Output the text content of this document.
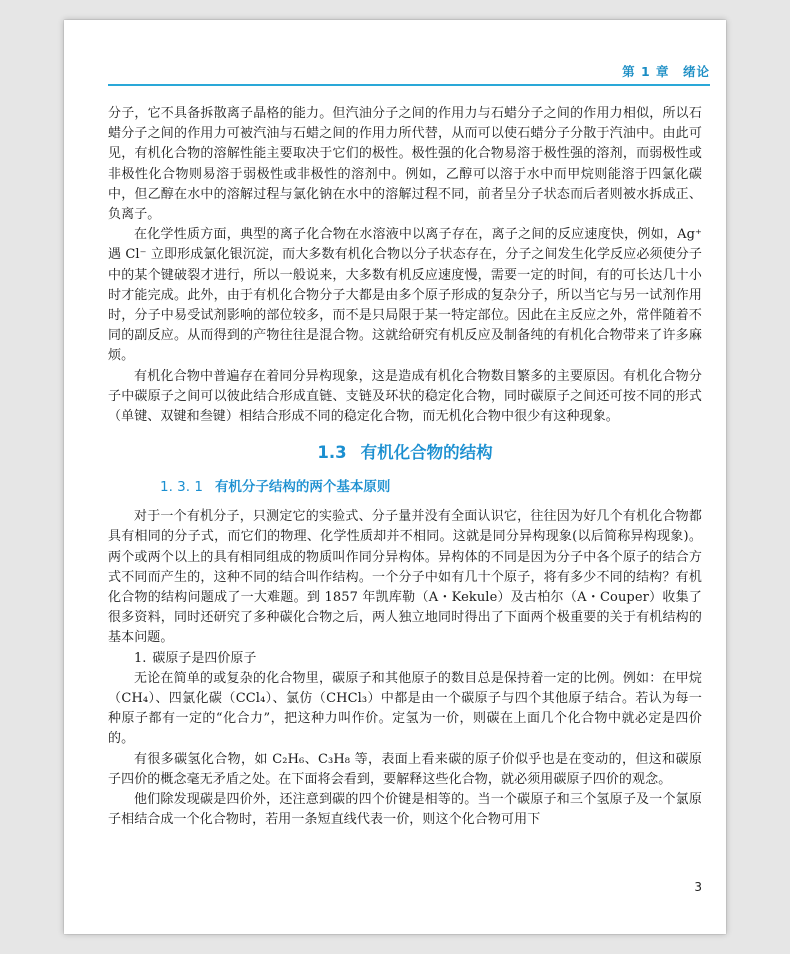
第 1 章　绪论

分子，它不具备拆散离子晶格的能力。但汽油分子之间的作用力与石蜡分子之间的作用力相似，所以石蜡分子之间的作用力可被汽油与石蜡之间的作用力所代替，从而可以使石蜡分子分散于汽油中。由此可见，有机化合物的溶解性能主要取决于它们的极性。极性强的化合物易溶于极性强的溶剂，而弱极性或非极性化合物则易溶于弱极性或非极性的溶剂中。例如，乙醇可以溶于水中而甲烷则能溶于四氯化碳中，但乙醇在水中的溶解过程与氯化钠在水中的溶解过程不同，前者呈分子状态而后者则被水拆成正、负离子。

在化学性质方面，典型的离子化合物在水溶液中以离子存在，离子之间的反应速度快，例如，Ag⁺ 遇 Cl⁻ 立即形成氯化银沉淀，而大多数有机化合物以分子状态存在，分子之间发生化学反应必须使分子中的某个键破裂才进行，所以一般说来，大多数有机反应速度慢，需要一定的时间，有的可长达几十小时才能完成。此外，由于有机化合物分子大都是由多个原子形成的复杂分子，所以当它与另一试剂作用时，分子中易受试剂影响的部位较多，而不是只局限于某一特定部位。因此在主反应之外，常伴随着不同的副反应。从而得到的产物往往是混合物。这就给研究有机反应及制备纯的有机化合物带来了许多麻烦。

有机化合物中普遍存在着同分异构现象，这是造成有机化合物数目繁多的主要原因。有机化合物分子中碳原子之间可以彼此结合形成直链、支链及环状的稳定化合物，同时碳原子之间还可按不同的形式（单键、双键和叁键）相结合形成不同的稳定化合物，而无机化合物中很少有这种现象。

1.3 有机化合物的结构
1. 3. 1 有机分子结构的两个基本原则

对于一个有机分子，只测定它的实验式、分子量并没有全面认识它，往往因为好几个有机化合物都具有相同的分子式，而它们的物理、化学性质却并不相同。这就是同分异构现象(以后简称异构现象)。两个或两个以上的具有相同组成的物质叫作同分异构体。异构体的不同是因为分子中各个原子的结合方式不同而产生的，这种不同的结合叫作结构。一个分子中如有几十个原子，将有多少不同的结构？有机化合物的结构问题成了一大难题。到 1857 年凯库勒（A・Kekule）及古柏尔（A・Couper）收集了很多资料，同时还研究了多种碳化合物之后，两人独立地同时得出了下面两个极重要的关于有机结构的基本问题。

1. 碳原子是四价原子

无论在简单的或复杂的化合物里，碳原子和其他原子的数目总是保持着一定的比例。例如：在甲烷（CH₄）、四氯化碳（CCl₄）、氯仿（CHCl₃）中都是由一个碳原子与四个其他原子结合。若认为每一种原子都有一定的“化合力”，把这种力叫作价。定氢为一价，则碳在上面几个化合物中就必定是四价的。

有很多碳氢化合物，如 C₂H₆、C₃H₈ 等，表面上看来碳的原子价似乎也是在变动的，但这和碳原子四价的概念毫无矛盾之处。在下面将会看到，要解释这些化合物，就必须用碳原子四价的观念。

他们除发现碳是四价外，还注意到碳的四个价键是相等的。当一个碳原子和三个氢原子及一个氯原子相结合成一个化合物时，若用一条短直线代表一价，则这个化合物可用下

3
